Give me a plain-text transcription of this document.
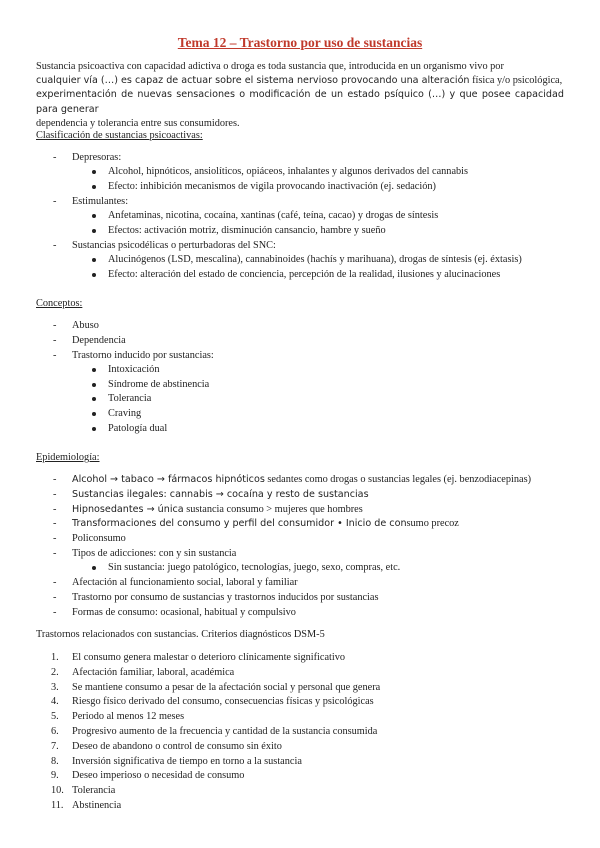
Tema 12 – Trastorno por uso de sustancias

Sustancia psicoactiva con capacidad adictiva o droga es toda sustancia que, introducida en un organismo vivo por
cualquier vía (…) es capaz de actuar sobre el sistema nervioso provocando una alteración física y/o psicológica,
experimentación de nuevas sensaciones o modificación de un estado psíquico (…) y que posee capacidad para generar
dependencia y tolerancia entre sus consumidores.

Clasificación de sustancias psicoactivas:

- Depresoras:
Alcohol, hipnóticos, ansiolíticos, opiáceos, inhalantes y algunos derivados del cannabis
Efecto: inhibición mecanismos de vigila provocando inactivación (ej. sedación)
- Estimulantes:
Anfetaminas, nicotina, cocaína, xantinas (café, teína, cacao) y drogas de síntesis
Efectos: activación motriz, disminución cansancio, hambre y sueño
- Sustancias psicodélicas o perturbadoras del SNC:
Alucinógenos (LSD, mescalina), cannabinoides (hachís y marihuana), drogas de síntesis (ej. éxtasis)
Efecto: alteración del estado de conciencia, percepción de la realidad, ilusiones y alucinaciones

Conceptos:

- Abuso
- Dependencia
- Trastorno inducido por sustancias:
Intoxicación
Síndrome de abstinencia
Tolerancia
Craving
Patología dual

Epidemiología:

- Alcohol → tabaco → fármacos hipnóticos sedantes como drogas o sustancias legales (ej. benzodiacepinas)
- Sustancias ilegales: cannabis → cocaína y resto de sustancias
- Hipnosedantes → única sustancia consumo > mujeres que hombres
- Transformaciones del consumo y perfil del consumidor • Inicio de consumo precoz
- Policonsumo
- Tipos de adicciones: con y sin sustancia
Sin sustancia: juego patológico, tecnologías, juego, sexo, compras, etc.
- Afectación al funcionamiento social, laboral y familiar
- Trastorno por consumo de sustancias y trastornos inducidos por sustancias
- Formas de consumo: ocasional, habitual y compulsivo

Trastornos relacionados con sustancias. Criterios diagnósticos DSM-5

1. El consumo genera malestar o deterioro clínicamente significativo
2. Afectación familiar, laboral, académica
3. Se mantiene consumo a pesar de la afectación social y personal que genera
4. Riesgo físico derivado del consumo, consecuencias físicas y psicológicas
5. Periodo al menos 12 meses
6. Progresivo aumento de la frecuencia y cantidad de la sustancia consumida
7. Deseo de abandono o control de consumo sin éxito
8. Inversión significativa de tiempo en torno a la sustancia
9. Deseo imperioso o necesidad de consumo
10. Tolerancia
11. Abstinencia
